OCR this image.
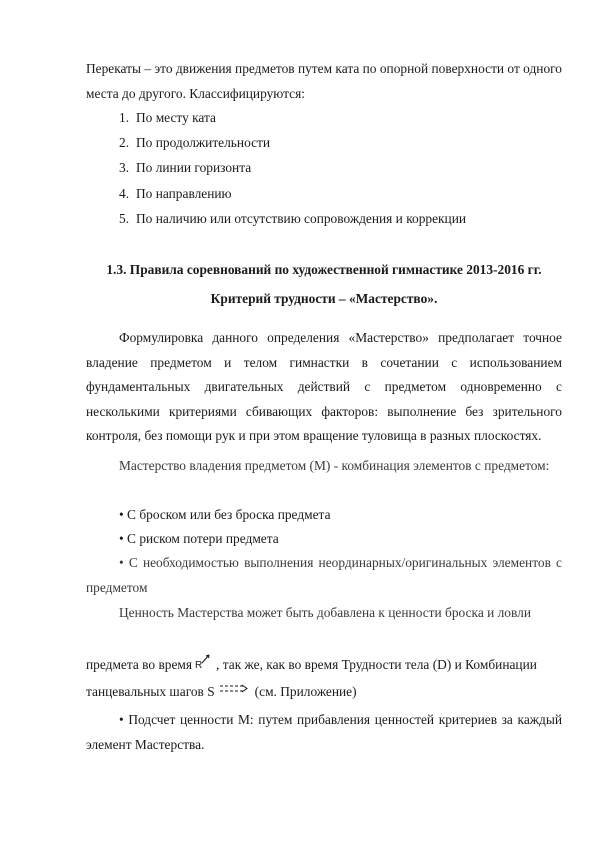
Перекаты – это движения предметов путем ката по опорной поверхности от одного места до другого. Классифицируются:

1. По месту ката
2. По продолжительности
3. По линии горизонта
4. По направлению
5. По наличию или отсутствию сопровождения и коррекции
1.3. Правила соревнований по художественной гимнастике 2013-2016 гг.
Критерий трудности – «Мастерство».

Формулировка данного определения «Мастерство» предполагает точное владение предметом и телом гимнастки в сочетании с использованием фундаментальных двигательных действий с предметом одновременно с несколькими критериями сбивающих факторов: выполнение без зрительного контроля, без помощи рук и при этом вращение туловища в разных плоскостях.

Мастерство владения предметом (М) - комбинация элементов с предметом:

• С броском или без броска предмета

• С риском потери предмета

• С необходимостью выполнения неординарных/оригинальных элементов с предметом

Ценность Мастерства может быть добавлена к ценности броска и ловли

предмета во время R , так же, как во время Трудности тела (D) и Комбинации

танцевальных шагов S	(см. Приложение)

• Подсчет ценности М: путем прибавления ценностей критериев за каждый элемент Мастерства.
